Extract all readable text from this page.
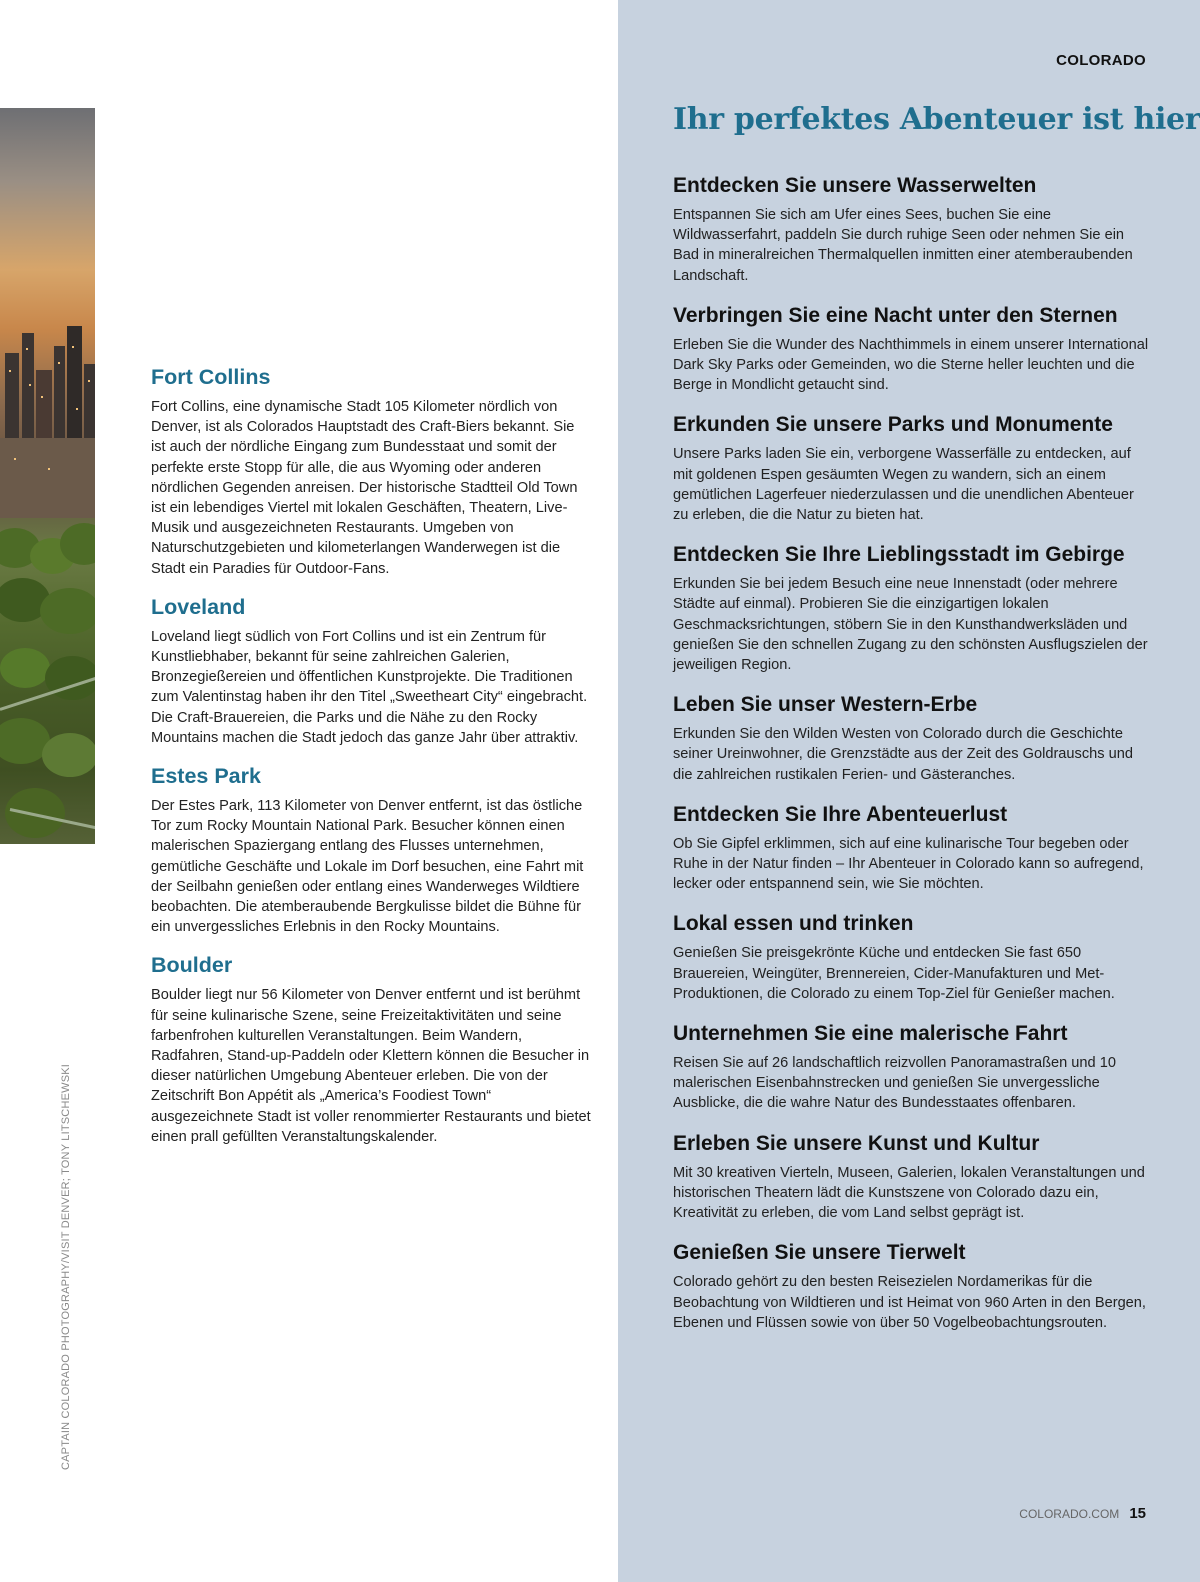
CAPTAIN COLORADO PHOTOGRAPHY/VISIT DENVER; TONY LITSCHEWSKI
Fort Collins

Fort Collins, eine dynamische Stadt 105 Kilometer nördlich von Denver, ist als Colorados Hauptstadt des Craft-Biers bekannt. Sie ist auch der nördliche Eingang zum Bundesstaat und somit der perfekte erste Stopp für alle, die aus Wyoming oder anderen nördlichen Gegenden anreisen. Der historische Stadtteil Old Town ist ein lebendiges Viertel mit lokalen Geschäften, Theatern, Live-Musik und ausgezeichneten Restaurants. Umgeben von Naturschutzgebieten und kilometerlangen Wanderwegen ist die Stadt ein Paradies für Outdoor-Fans.

Loveland

Loveland liegt südlich von Fort Collins und ist ein Zentrum für Kunstliebhaber, bekannt für seine zahlreichen Galerien, Bronzegießereien und öffentlichen Kunstprojekte. Die Traditionen zum Valentinstag haben ihr den Titel „Sweetheart City“ eingebracht. Die Craft-Brauereien, die Parks und die Nähe zu den Rocky Mountains machen die Stadt jedoch das ganze Jahr über attraktiv.

Estes Park

Der Estes Park, 113 Kilometer von Denver entfernt, ist das östliche Tor zum Rocky Mountain National Park. Besucher können einen malerischen Spaziergang entlang des Flusses unternehmen, gemütliche Geschäfte und Lokale im Dorf besuchen, eine Fahrt mit der Seilbahn genießen oder entlang eines Wanderweges Wildtiere beobachten. Die atemberaubende Bergkulisse bildet die Bühne für ein unvergessliches Erlebnis in den Rocky Mountains.

Boulder

Boulder liegt nur 56 Kilometer von Denver entfernt und ist berühmt für seine kulinarische Szene, seine Freizeitaktivitäten und seine farbenfrohen kulturellen Veranstaltungen. Beim Wandern, Radfahren, Stand-up-Paddeln oder Klettern können die Besucher in dieser natürlichen Umgebung Abenteuer erleben. Die von der Zeitschrift Bon Appétit als „America’s Foodiest Town“ ausgezeichnete Stadt ist voller renommierter Restaurants und bietet einen prall gefüllten Veranstaltungskalender.

COLORADO
Ihr perfektes Abenteuer ist hier
Entdecken Sie unsere Wasserwelten

Entspannen Sie sich am Ufer eines Sees, buchen Sie eine Wildwasserfahrt, paddeln Sie durch ruhige Seen oder nehmen Sie ein Bad in mineralreichen Thermalquellen inmitten einer atemberaubenden Landschaft.

Verbringen Sie eine Nacht unter den Sternen

Erleben Sie die Wunder des Nachthimmels in einem unserer International Dark Sky Parks oder Gemeinden, wo die Sterne heller leuchten und die Berge in Mondlicht getaucht sind.

Erkunden Sie unsere Parks und Monumente

Unsere Parks laden Sie ein, verborgene Wasserfälle zu entdecken, auf mit goldenen Espen gesäumten Wegen zu wandern, sich an einem gemütlichen Lagerfeuer niederzulassen und die unendlichen Abenteuer zu erleben, die die Natur zu bieten hat.

Entdecken Sie Ihre Lieblingsstadt im Gebirge

Erkunden Sie bei jedem Besuch eine neue Innenstadt (oder mehrere Städte auf einmal). Probieren Sie die einzigartigen lokalen Geschmacksrichtungen, stöbern Sie in den Kunsthandwerksläden und genießen Sie den schnellen Zugang zu den schönsten Ausflugszielen der jeweiligen Region.

Leben Sie unser Western-Erbe

Erkunden Sie den Wilden Westen von Colorado durch die Geschichte seiner Ureinwohner, die Grenzstädte aus der Zeit des Goldrauschs und die zahlreichen rustikalen Ferien- und Gästeranches.

Entdecken Sie Ihre Abenteuerlust

Ob Sie Gipfel erklimmen, sich auf eine kulinarische Tour begeben oder Ruhe in der Natur finden – Ihr Abenteuer in Colorado kann so aufregend, lecker oder entspannend sein, wie Sie möchten.

Lokal essen und trinken

Genießen Sie preisgekrönte Küche und entdecken Sie fast 650 Brauereien, Weingüter, Brennereien, Cider-Manufakturen und Met-Produktionen, die Colorado zu einem Top-Ziel für Genießer machen.

Unternehmen Sie eine malerische Fahrt

Reisen Sie auf 26 landschaftlich reizvollen Panoramastraßen und 10 malerischen Eisenbahnstrecken und genießen Sie unvergessliche Ausblicke, die die wahre Natur des Bundesstaates offenbaren.

Erleben Sie unsere Kunst und Kultur

Mit 30 kreativen Vierteln, Museen, Galerien, lokalen Veranstaltungen und historischen Theatern lädt die Kunstszene von Colorado dazu ein, Kreativität zu erleben, die vom Land selbst geprägt ist.

Genießen Sie unsere Tierwelt

Colorado gehört zu den besten Reisezielen Nordamerikas für die Beobachtung von Wildtieren und ist Heimat von 960 Arten in den Bergen, Ebenen und Flüssen sowie von über 50 Vogelbeobachtungsrouten.

COLORADO.COM 15
